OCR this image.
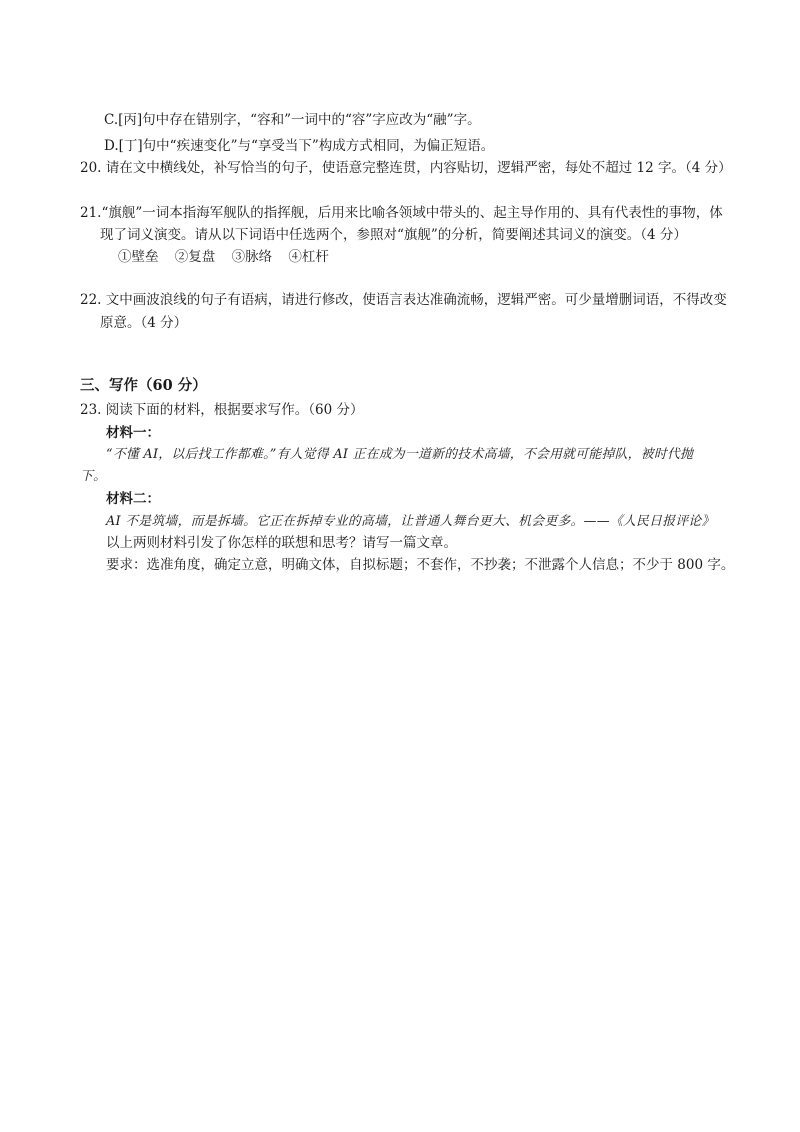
C.[丙]句中存在错别字，“容和”一词中的“容”字应改为“融”字。
D.[丁]句中“疾速变化”与“享受当下”构成方式相同，为偏正短语。
20. 请在文中横线处，补写恰当的句子，使语意完整连贯，内容贴切，逻辑严密，每处不超过 12 字。（4 分）
21.“旗舰”一词本指海军舰队的指挥舰，后用来比喻各领域中带头的、起主导作用的、具有代表性的事物，体
现了词义演变。请从以下词语中任选两个，参照对“旗舰”的分析，简要阐述其词义的演变。（4 分）
①壁垒 ②复盘 ③脉络 ④杠杆
22. 文中画波浪线的句子有语病，请进行修改，使语言表达准确流畅，逻辑严密。可少量增删词语，不得改变
原意。（4 分）
三、写作（60 分）
23. 阅读下面的材料，根据要求写作。（60 分）
材料一：
“不懂 AI，以后找工作都难。”有人觉得 AI 正在成为一道新的技术高墙，不会用就可能掉队，被时代抛
下。
材料二：
AI 不是筑墙，而是拆墙。它正在拆掉专业的高墙，让普通人舞台更大、机会更多。——《人民日报评论》
以上两则材料引发了你怎样的联想和思考？请写一篇文章。
要求：选准角度，确定立意，明确文体，自拟标题；不套作，不抄袭；不泄露个人信息；不少于 800 字。
